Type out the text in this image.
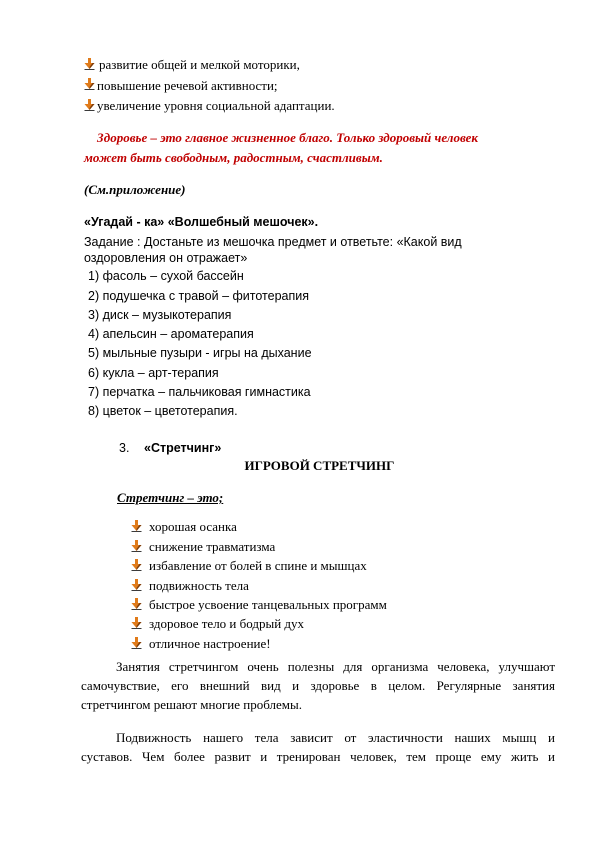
развитие общей и мелкой моторики,
повышение речевой активности;
увеличение уровня социальной адаптации.
Здоровье – это главное жизненное благо. Только здоровый человек
может быть свободным, радостным, счастливым.
(См.приложение)
«Угадай - ка» «Волшебный мешочек».
Задание : Достаньте из мешочка предмет и ответьте: «Какой вид
оздоровления он отражает»
1) фасоль – сухой бассейн
2) подушечка с травой – фитотерапия
3) диск – музыкотерапия
4) апельсин – ароматерапия
5) мыльные пузыри - игры на дыхание
6) кукла – арт-терапия
7) перчатка – пальчиковая гимнастика
8) цветок – цветотерапия.
3. «Стретчинг»
ИГРОВОЙ СТРЕТЧИНГ
Стретчинг – это;
хорошая осанка
снижение травматизма
избавление от болей в спине и мышцах
подвижность тела
быстрое усвоение танцевальных программ
здоровое тело и бодрый дух
отличное настроение!
Занятия стретчингом очень полезны для организма человека, улучшают
самочувствие, его внешний вид и здоровье в целом. Регулярные занятия
стретчингом решают многие проблемы.
Подвижность нашего тела зависит от эластичности наших мышц и
суставов. Чем более развит и тренирован человек, тем проще ему жить и
